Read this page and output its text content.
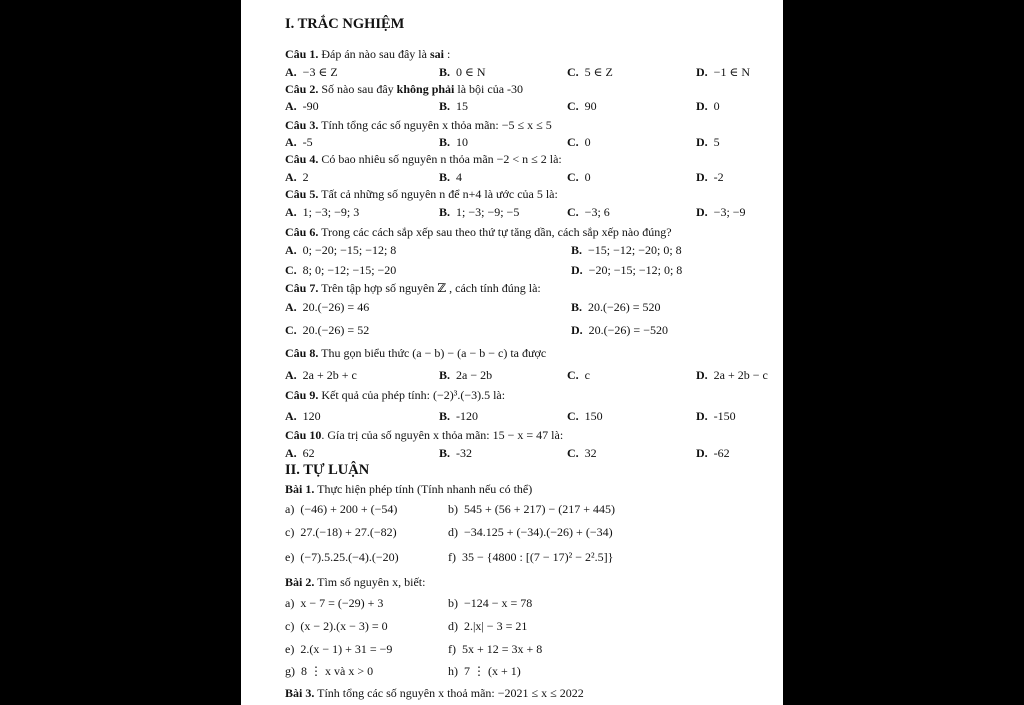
I. TRẮC NGHIỆM
Câu 1. Đáp án nào sau đây là sai :
A. −3 ∈ Z	B. 0 ∈ N	C. 5 ∈ Z	D. −1 ∈ N
Câu 2. Số nào sau đây không phải là bội của -30
A. -90	B. 15	C. 90	D. 0
Câu 3. Tính tổng các số nguyên x thỏa mãn: −5 ≤ x ≤ 5
A. -5	B. 10	C. 0	D. 5
Câu 4. Có bao nhiêu số nguyên n thỏa mãn −2 < n ≤ 2 là:
A. 2	B. 4	C. 0	D. -2
Câu 5. Tất cả những số nguyên n để n+4 là ước của 5 là:
A. 1; −3; −9; 3	B. 1; −3; −9; −5	C. −3; 6	D. −3; −9
Câu 6. Trong các cách sắp xếp sau theo thứ tự tăng dần, cách sắp xếp nào đúng?
A. 0; −20; −15; −12; 8	B. −15; −12; −20; 0; 8
C. 8; 0; −12; −15; −20	D. −20; −15; −12; 0; 8
Câu 7. Trên tập hợp số nguyên ℤ , cách tính đúng là:
A. 20.(−26) = 46	B. 20.(−26) = 520
C. 20.(−26) = 52	D. 20.(−26) = −520
Câu 8. Thu gọn biểu thức (a − b) − (a − b − c) ta được
A. 2a + 2b + c	B. 2a − 2b	C. c	D. 2a + 2b − c
Câu 9. Kết quả của phép tính: (−2)³.(−3).5 là:
A. 120	B. -120	C. 150	D. -150
Câu 10. Gía trị của số nguyên x thỏa mãn: 15 − x = 47 là:
A. 62	B. -32	C. 32	D. -62
II. TỰ LUẬN
Bài 1. Thực hiện phép tính (Tính nhanh nếu có thể)
a) (−46) + 200 + (−54)	b) 545 + (56 + 217) − (217 + 445)
c) 27.(−18) + 27.(−82)	d) −34.125 + (−34).(−26) + (−34)
e) (−7).5.25.(−4).(−20)	f) 35 − {4800 : [(7 − 17)² − 2².5]}
Bài 2. Tìm số nguyên x, biết:
a) x − 7 = (−29) + 3	b) −124 − x = 78
c) (x − 2).(x − 3) = 0	d) 2.|x| − 3 = 21
e) 2.(x − 1) + 31 = −9	f) 5x + 12 = 3x + 8
g) 8 ⋮ x và x > 0	h) 7 ⋮ (x + 1)
Bài 3. Tính tổng các số nguyên x thoả mãn: −2021 ≤ x ≤ 2022
